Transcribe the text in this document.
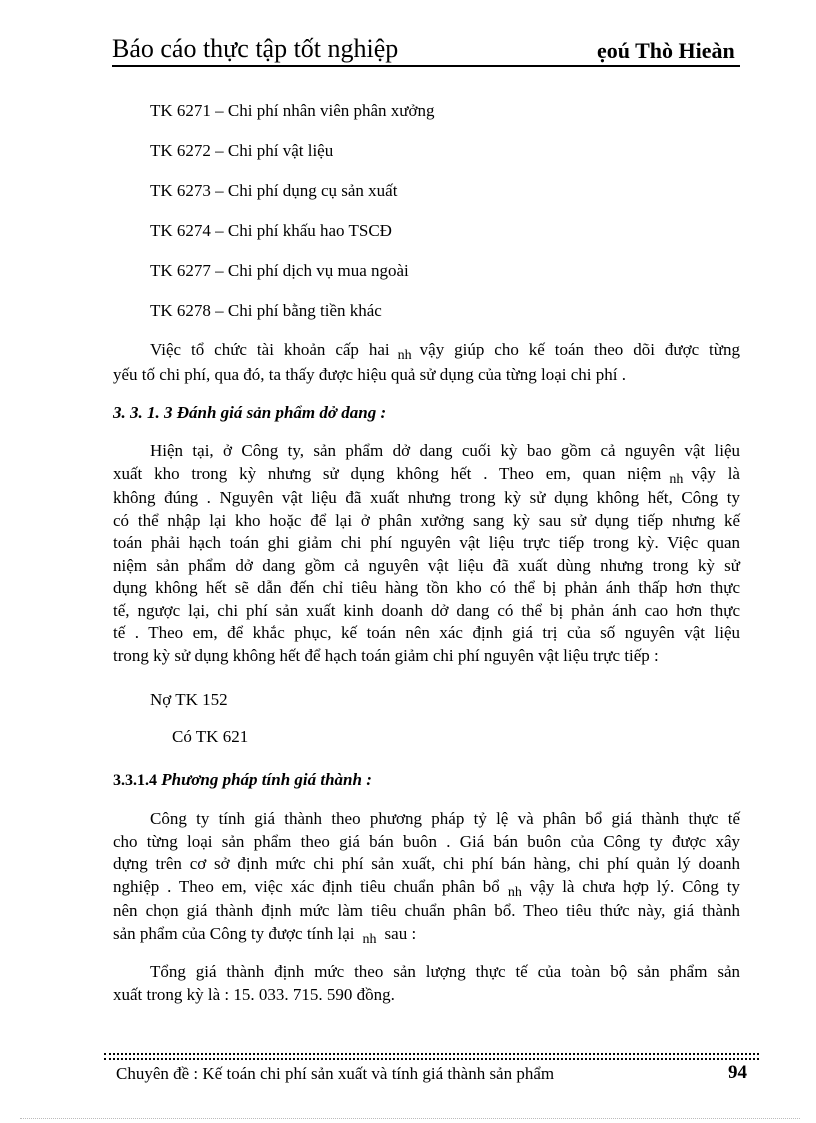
Báo cáo thực tập tốt nghiệp	ẹoú Thò Hieàn
TK 6271 – Chi phí nhân viên phân xưởng
TK 6272 – Chi phí vật liệu
TK 6273 – Chi phí dụng cụ sản xuất
TK 6274 – Chi phí khấu hao TSCĐ
TK 6277 – Chi phí dịch vụ mua ngoài
TK 6278 – Chi phí bằng tiền khác
Việc tổ chức tài khoản cấp hai $_{nh}$ vậy giúp cho kế toán theo dõi được từng
yếu tố chi phí, qua đó, ta thấy được hiệu quả sử dụng của từng loại chi phí .
3. 3. 1. 3 Đánh giá sản phẩm dở dang :
Hiện tại, ở Công ty, sản phẩm dở dang cuối kỳ bao gồm cả nguyên vật liệu
xuất kho trong kỳ nhưng sử dụng không hết . Theo em, quan niệm $_{nh}$ vậy là
không đúng . Nguyên vật liệu đã xuất nhưng trong kỳ sử dụng không hết, Công ty
có thể nhập lại kho hoặc để lại ở phân xưởng sang kỳ sau sử dụng tiếp nhưng kế
toán phải hạch toán ghi giảm chi phí nguyên vật liệu trực tiếp trong kỳ. Việc quan
niệm sản phẩm dở dang gồm cả nguyên vật liệu đã xuất dùng nhưng trong kỳ sử
dụng không hết sẽ dẫn đến chỉ tiêu hàng tồn kho có thể bị phản ánh thấp hơn thực
tế, ngược lại, chi phí sản xuất kinh doanh dở dang có thể bị phản ánh cao hơn thực
tế . Theo em, để khắc phục, kế toán nên xác định giá trị của số nguyên vật liệu
trong kỳ sử dụng không hết để hạch toán giảm chi phí nguyên vật liệu trực tiếp :
Nợ TK 152
Có TK 621
3.3.1.4 Phương pháp tính giá thành :
Công ty tính giá thành theo phương pháp tỷ lệ và phân bổ giá thành thực tế
cho từng loại sản phẩm theo giá bán buôn . Giá bán buôn của Công ty được xây
dựng trên cơ sở định mức chi phí sản xuất, chi phí bán hàng, chi phí quản lý doanh
nghiệp . Theo em, việc xác định tiêu chuẩn phân bổ $_{nh}$ vậy là chưa hợp lý. Công ty
nên chọn giá thành định mức làm tiêu chuẩn phân bổ. Theo tiêu thức này, giá thành
sản phẩm của Công ty được tính lại $_{nh}$ sau :
Tổng giá thành định mức theo sản lượng thực tế của toàn bộ sản phẩm sản
xuất trong kỳ là : 15. 033. 715. 590 đồng.
Chuyên đề : Kế toán chi phí sản xuất và tính giá thành sản phẩm	94
